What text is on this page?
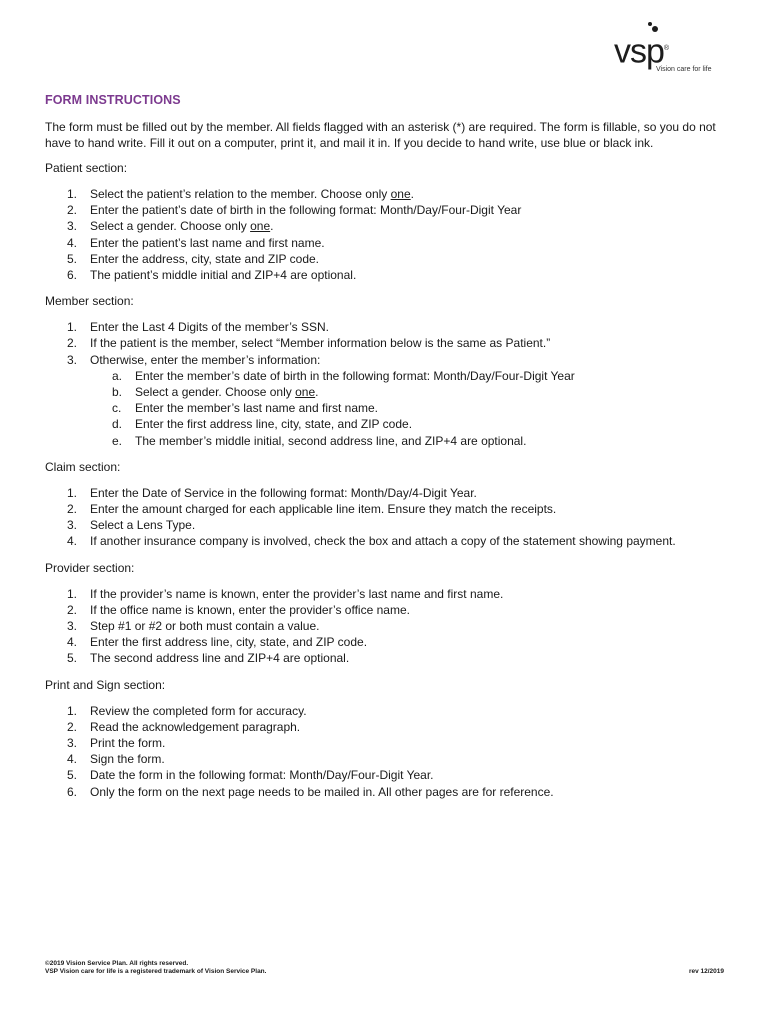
vsp®
Vision care for life
FORM INSTRUCTIONS

The form must be filled out by the member. All fields flagged with an asterisk (*) are required. The form is fillable, so you do not have to hand write. Fill it out on a computer, print it, and mail it in. If you decide to hand write, use blue or black ink.

Patient section:
1. Select the patient’s relation to the member. Choose only one.
2. Enter the patient’s date of birth in the following format: Month/Day/Four-Digit Year
3. Select a gender. Choose only one.
4. Enter the patient’s last name and first name.
5. Enter the address, city, state and ZIP code.
6. The patient’s middle initial and ZIP+4 are optional.
Member section:
1. Enter the Last 4 Digits of the member’s SSN.
2. If the patient is the member, select “Member information below is the same as Patient.”
3. Otherwise, enter the member’s information:
a. Enter the member’s date of birth in the following format: Month/Day/Four-Digit Year
b. Select a gender. Choose only one.
c. Enter the member’s last name and first name.
d. Enter the first address line, city, state, and ZIP code.
e. The member’s middle initial, second address line, and ZIP+4 are optional.
Claim section:
1. Enter the Date of Service in the following format: Month/Day/4-Digit Year.
2. Enter the amount charged for each applicable line item. Ensure they match the receipts.
3. Select a Lens Type.
4. If another insurance company is involved, check the box and attach a copy of the statement showing payment.
Provider section:
1. If the provider’s name is known, enter the provider’s last name and first name.
2. If the office name is known, enter the provider’s office name.
3. Step #1 or #2 or both must contain a value.
4. Enter the first address line, city, state, and ZIP code.
5. The second address line and ZIP+4 are optional.
Print and Sign section:
1. Review the completed form for accuracy.
2. Read the acknowledgement paragraph.
3. Print the form.
4. Sign the form.
5. Date the form in the following format: Month/Day/Four-Digit Year.
6. Only the form on the next page needs to be mailed in. All other pages are for reference.
©2019 Vision Service Plan. All rights reserved.
VSP Vision care for life is a registered trademark of Vision Service Plan.	rev 12/2019
